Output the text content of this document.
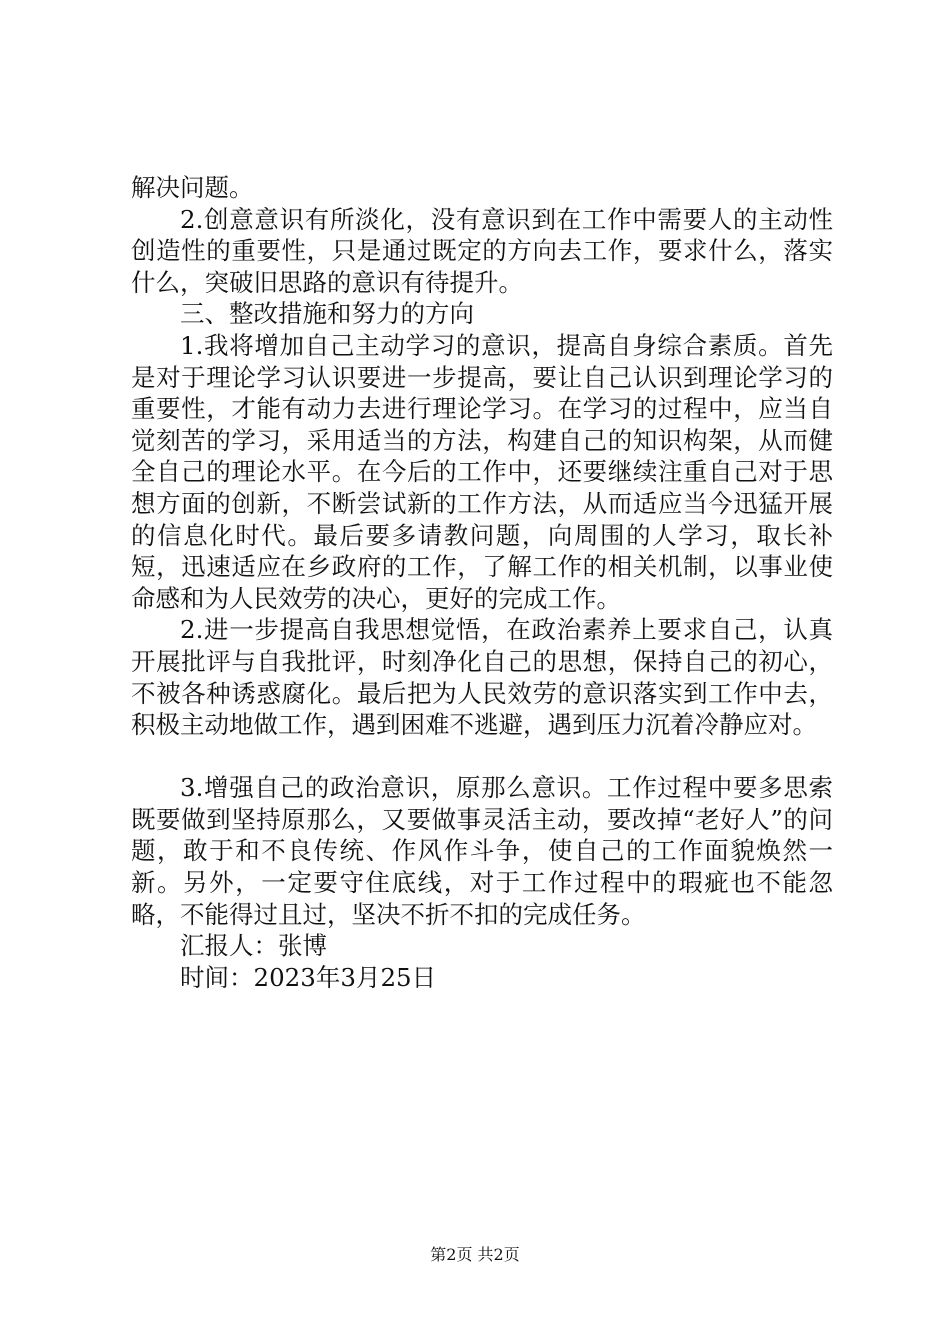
解决问题。

2.创意意识有所淡化，没有意识到在工作中需要人的主动性创造性的重要性，只是通过既定的方向去工作，要求什么，落实什么，突破旧思路的意识有待提升。

三、整改措施和努力的方向

1.我将增加自己主动学习的意识，提高自身综合素质。首先是对于理论学习认识要进一步提高，要让自己认识到理论学习的重要性，才能有动力去进行理论学习。在学习的过程中，应当自觉刻苦的学习，采用适当的方法，构建自己的知识构架，从而健全自己的理论水平。在今后的工作中，还要继续注重自己对于思想方面的创新，不断尝试新的工作方法，从而适应当今迅猛开展的信息化时代。最后要多请教问题，向周围的人学习，取长补短，迅速适应在乡政府的工作，了解工作的相关机制，以事业使命感和为人民效劳的决心，更好的完成工作。

2.进一步提高自我思想觉悟，在政治素养上要求自己，认真开展批评与自我批评，时刻净化自己的思想，保持自己的初心，不被各种诱惑腐化。最后把为人民效劳的意识落实到工作中去，积极主动地做工作，遇到困难不逃避，遇到压力沉着冷静应对。

3.增强自己的政治意识，原那么意识。工作过程中要多思索既要做到坚持原那么，又要做事灵活主动，要改掉“老好人”的问题，敢于和不良传统、作风作斗争，使自己的工作面貌焕然一新。另外，一定要守住底线，对于工作过程中的瑕疵也不能忽略，不能得过且过，坚决不折不扣的完成任务。

汇报人：张博

时间：2023年3月25日

第2页 共2页
